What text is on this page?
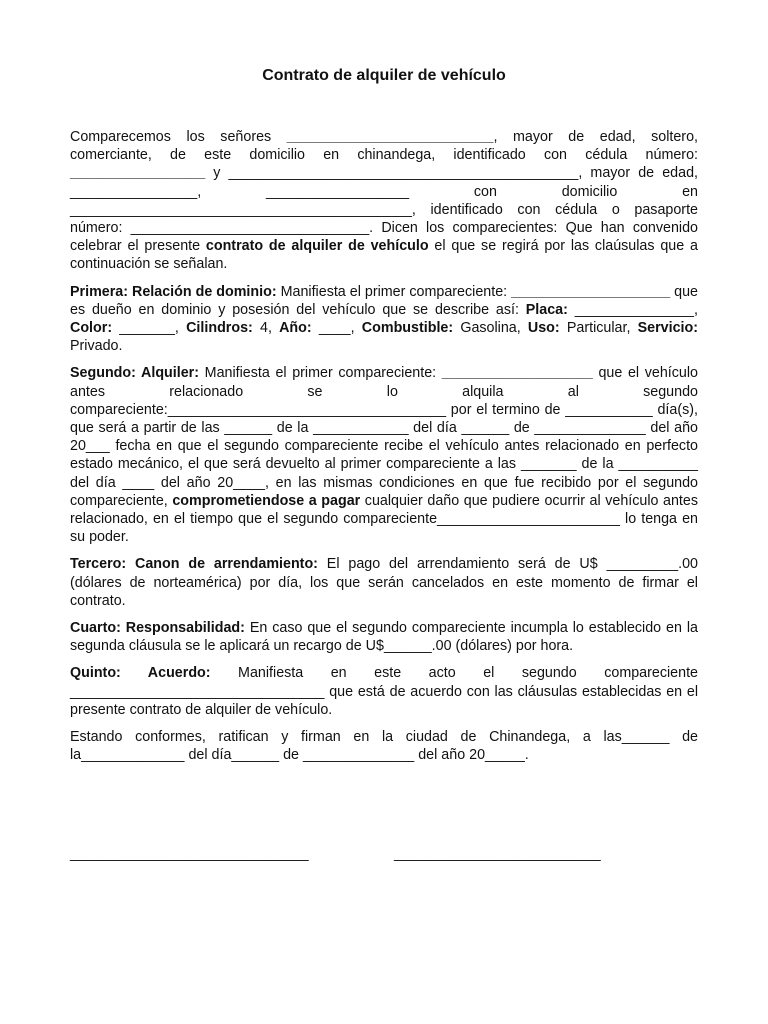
Contrato de alquiler de vehículo

Comparecemos los señores __________________________, mayor de edad, soltero, comerciante, de este domicilio en chinandega, identificado con cédula número: _________________ y ____________________________________________, mayor de edad, ________________, __________________ con domicilio en ___________________________________________, identificado con cédula o pasaporte número: ______________________________. Dicen los comparecientes: Que han convenido celebrar el presente contrato de alquiler de vehículo el que se regirá por las claúsulas que a continuación se señalan.

Primera: Relación de dominio: Manifiesta el primer compareciente: ____________________ que es dueño en dominio y posesión del vehículo que se describe así: Placa: _______________, Color: _______, Cilindros: 4, Año: ____, Combustible: Gasolina, Uso: Particular, Servicio: Privado.

Segundo: Alquiler: Manifiesta el primer compareciente: ___________________ que el vehículo antes relacionado se lo alquila al segundo compareciente:___________________________________ por el termino de ___________ día(s), que será a partir de las ______ de la ____________ del día ______ de ______________ del año 20___ fecha en que el segundo compareciente recibe el vehículo antes relacionado en perfecto estado mecánico, el que será devuelto al primer compareciente a las _______ de la __________ del día ____ del año 20____, en las mismas condiciones en que fue recibido por el segundo compareciente, comprometiendose a pagar cualquier daño que pudiere ocurrir al vehículo antes relacionado, en el tiempo que el segundo compareciente_______________________ lo tenga en su poder.

Tercero: Canon de arrendamiento: El pago del arrendamiento será de U$ _________.00 (dólares de norteamérica) por día, los que serán cancelados en este momento de firmar el contrato.

Cuarto: Responsabilidad: En caso que el segundo compareciente incumpla lo establecido en la segunda cláusula se le aplicará un recargo de U$______.00 (dólares) por hora.

Quinto: Acuerdo: Manifiesta en este acto el segundo compareciente ________________________________ que está de acuerdo con las cláusulas establecidas en el presente contrato de alquiler de vehículo.

Estando conformes, ratifican y firman en la ciudad de Chinandega, a las______ de la_____________ del día______ de ______________ del año 20_____.

______________________________	__________________________
